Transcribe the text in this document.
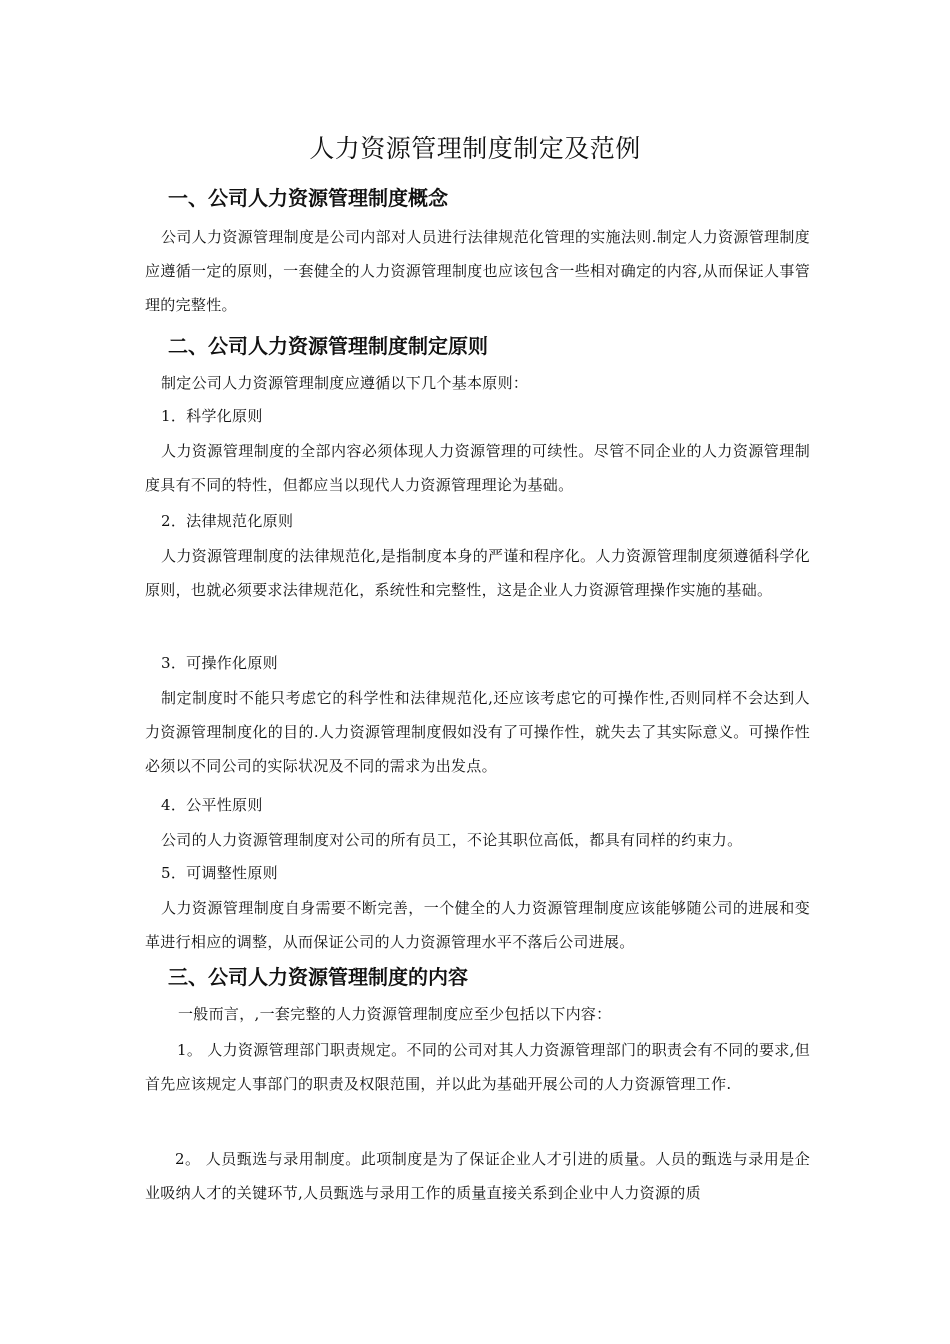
人力资源管理制度制定及范例
一、公司人力资源管理制度概念

公司人力资源管理制度是公司内部对人员进行法律规范化管理的实施法则.制定人力资源管理制度应遵循一定的原则，一套健全的人力资源管理制度也应该包含一些相对确定的内容,从而保证人事管理的完整性。

二、公司人力资源管理制度制定原则

制定公司人力资源管理制度应遵循以下几个基本原则：

1．科学化原则

人力资源管理制度的全部内容必须体现人力资源管理的可续性。尽管不同企业的人力资源管理制度具有不同的特性，但都应当以现代人力资源管理理论为基础。

2．法律规范化原则

人力资源管理制度的法律规范化,是指制度本身的严谨和程序化。人力资源管理制度须遵循科学化原则，也就必须要求法律规范化，系统性和完整性，这是企业人力资源管理操作实施的基础。

3．可操作化原则

制定制度时不能只考虑它的科学性和法律规范化,还应该考虑它的可操作性,否则同样不会达到人力资源管理制度化的目的.人力资源管理制度假如没有了可操作性，就失去了其实际意义。可操作性必须以不同公司的实际状况及不同的需求为出发点。

4．公平性原则

公司的人力资源管理制度对公司的所有员工，不论其职位高低，都具有同样的约束力。

5．可调整性原则

人力资源管理制度自身需要不断完善，一个健全的人力资源管理制度应该能够随公司的进展和变革进行相应的调整，从而保证公司的人力资源管理水平不落后公司进展。

三、公司人力资源管理制度的内容

一般而言，,一套完整的人力资源管理制度应至少包括以下内容：

1。 人力资源管理部门职责规定。不同的公司对其人力资源管理部门的职责会有不同的要求,但首先应该规定人事部门的职责及权限范围，并以此为基础开展公司的人力资源管理工作.

2。 人员甄选与录用制度。此项制度是为了保证企业人才引进的质量。人员的甄选与录用是企业吸纳人才的关键环节,人员甄选与录用工作的质量直接关系到企业中人力资源的质
